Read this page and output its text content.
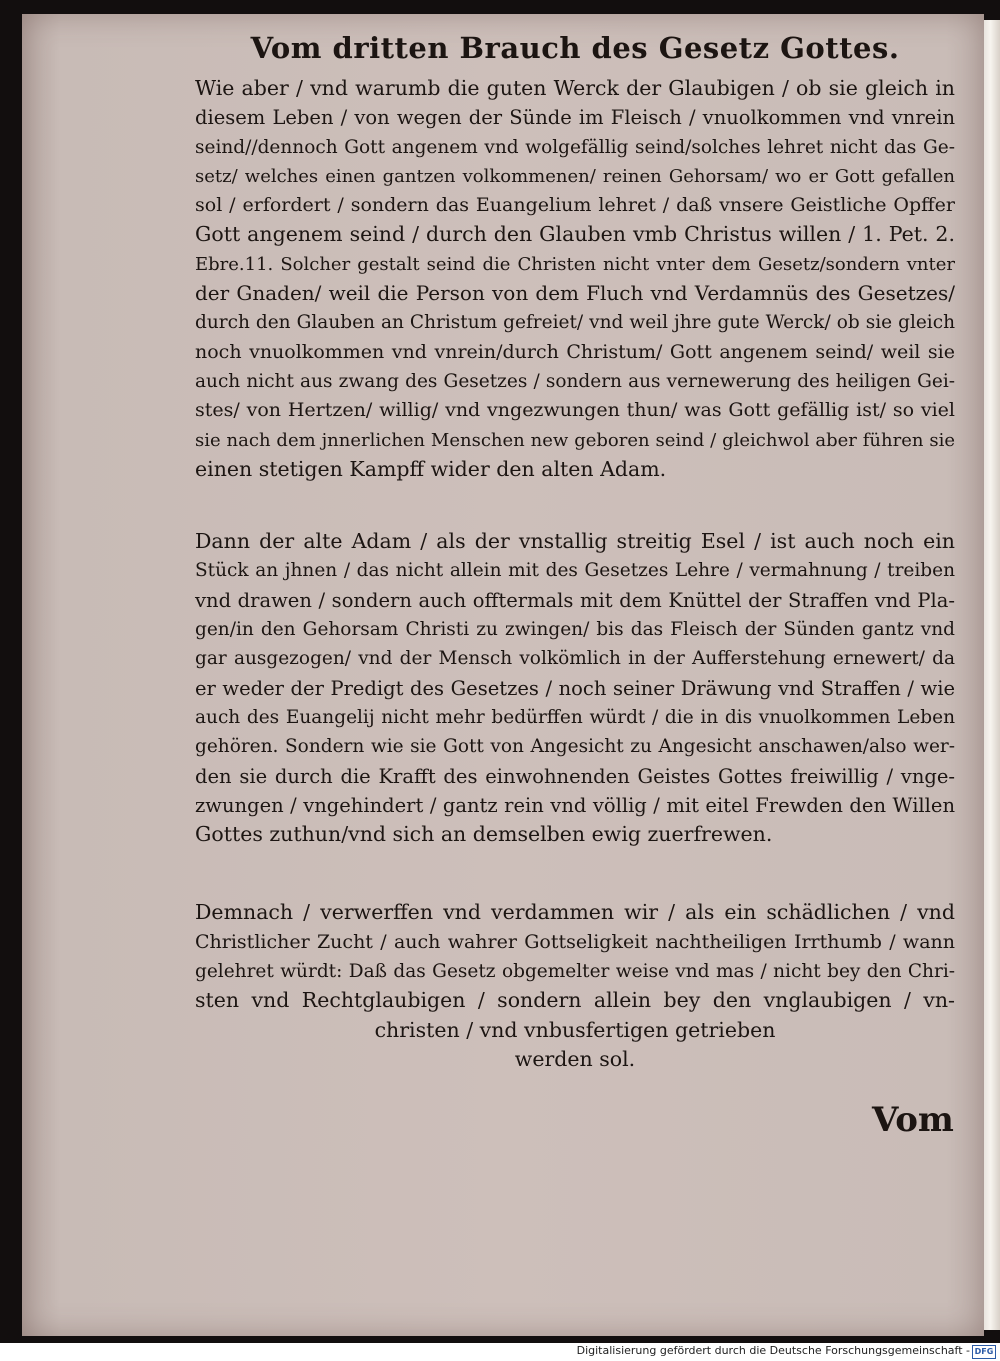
Vom dritten Brauch des Gesetz Gottes.
Wie aber / vnd warumb die guten Werck der Glaubigen / ob sie gleich in
diesem Leben / von wegen der Sünde im Fleisch / vnuolkommen vnd vnrein
seind//dennoch Gott angenem vnd wolgefällig seind/solches lehret nicht das Ge-
setz/ welches einen gantzen volkommenen/ reinen Gehorsam/ wo er Gott gefallen
sol / erfordert / sondern das Euangelium lehret / daß vnsere Geistliche Opffer
Gott angenem seind / durch den Glauben vmb Christus willen / 1. Pet. 2.
Ebre.11. Solcher gestalt seind die Christen nicht vnter dem Gesetz/sondern vnter
der Gnaden/ weil die Person von dem Fluch vnd Verdamnüs des Gesetzes/
durch den Glauben an Christum gefreiet/ vnd weil jhre gute Werck/ ob sie gleich
noch vnuolkommen vnd vnrein/durch Christum/ Gott angenem seind/ weil sie
auch nicht aus zwang des Gesetzes / sondern aus vernewerung des heiligen Gei-
stes/ von Hertzen/ willig/ vnd vngezwungen thun/ was Gott gefällig ist/ so viel
sie nach dem jnnerlichen Menschen new geboren seind / gleichwol aber führen sie
einen stetigen Kampff wider den alten Adam.
Dann der alte Adam / als der vnstallig streitig Esel / ist auch noch ein
Stück an jhnen / das nicht allein mit des Gesetzes Lehre / vermahnung / treiben
vnd drawen / sondern auch offtermals mit dem Knüttel der Straffen vnd Pla-
gen/in den Gehorsam Christi zu zwingen/ bis das Fleisch der Sünden gantz vnd
gar ausgezogen/ vnd der Mensch volkömlich in der Aufferstehung ernewert/ da
er weder der Predigt des Gesetzes / noch seiner Dräwung vnd Straffen / wie
auch des Euangelij nicht mehr bedürffen würdt / die in dis vnuolkommen Leben
gehören. Sondern wie sie Gott von Angesicht zu Angesicht anschawen/also wer-
den sie durch die Krafft des einwohnenden Geistes Gottes freiwillig / vnge-
zwungen / vngehindert / gantz rein vnd völlig / mit eitel Frewden den Willen
Gottes zuthun/vnd sich an demselben ewig zuerfrewen.
Demnach / verwerffen vnd verdammen wir / als ein schädlichen / vnd
Christlicher Zucht / auch wahrer Gottseligkeit nachtheiligen Irrthumb / wann
gelehret würdt: Daß das Gesetz obgemelter weise vnd mas / nicht bey den Chri-
sten vnd Rechtglaubigen / sondern allein bey den vnglaubigen / vn-
christen / vnd vnbusfertigen getrieben
werden sol.
Vom
Digitalisierung gefördert durch die Deutsche Forschungsgemeinschaft - DFG
